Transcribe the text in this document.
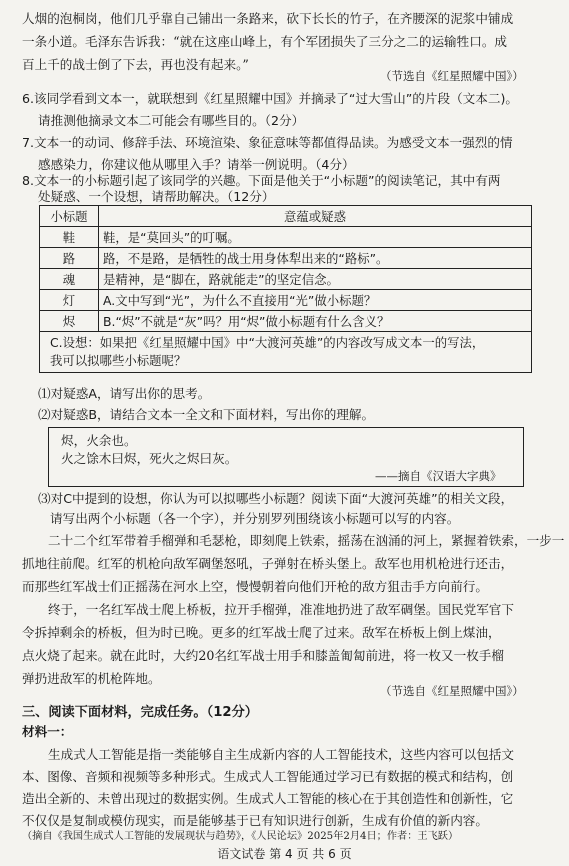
人烟的泡桐岗，他们几乎靠自己铺出一条路来，砍下长长的竹子，在齐腰深的泥浆中铺成
一条小道。毛泽东告诉我：“就在这座山峰上，有个军团损失了三分之二的运输牲口。成
百上千的战士倒了下去，再也没有起来。”
（节选自《红星照耀中国》）
6.该同学看到文本一，就联想到《红星照耀中国》并摘录了“过大雪山”的片段（文本二)。
请推测他摘录文本二可能会有哪些目的。（2分）
7.文本一的动词、修辞手法、环境渲染、象征意味等都值得品读。为感受文本一强烈的情
感感染力，你建议他从哪里入手？请举一例说明。（4分）
8.文本一的小标题引起了该同学的兴趣。下面是他关于“小标题”的阅读笔记，其中有两
处疑惑、一个设想，请帮助解决。（12分）
小标题	意蕴或疑惑
鞋	鞋，是“莫回头”的叮嘱。
路	路，不是路，是牺牲的战士用身体犁出来的“路标”。
魂	是精神，是“脚在，路就能走”的坚定信念。
灯	A.文中写到“光”，为什么不直接用“光”做小标题？
烬	B.“烬”不就是“灰”吗？用“烬”做小标题有什么含义？

C.设想：如果把《红星照耀中国》中“大渡河英雄”的内容改写成文本一的写法，
我可以拟哪些小标题呢？	
⑴对疑惑A，请写出你的思考。
⑵对疑惑B，请结合文本一全文和下面材料，写出你的理解。
烬，火余也。
火之馀木曰烬，死火之烬曰灰。
——摘自《汉语大字典》
⑶对C中提到的设想，你认为可以拟哪些小标题？阅读下面“大渡河英雄”的相关文段，
请写出两个小标题（各一个字），并分别罗列围绕该小标题可以写的内容。
二十二个红军带着手榴弹和毛瑟枪，即刻爬上铁索，摇荡在汹涌的河上，紧握着铁索，一步一
抓地往前爬。红军的机枪向敌军碉堡怒吼，子弹射在桥头堡上。敌军也用机枪进行还击，
而那些红军战士们正摇荡在河水上空，慢慢朝着向他们开枪的敌方狙击手方向前行。
终于，一名红军战士爬上桥板，拉开手榴弹，准准地扔进了敌军碉堡。国民党军官下
令拆掉剩余的桥板，但为时已晚。更多的红军战士爬了过来。敌军在桥板上倒上煤油，
点火烧了起来。就在此时，大约20名红军战士用手和膝盖匍匐前进，将一枚又一枚手榴
弹扔进敌军的机枪阵地。
（节选自《红星照耀中国》）
三、阅读下面材料，完成任务。（12分）
材料一：
生成式人工智能是指一类能够自主生成新内容的人工智能技术，这些内容可以包括文
本、图像、音频和视频等多种形式。生成式人工智能通过学习已有数据的模式和结构，创
造出全新的、未曾出现过的数据实例。生成式人工智能的核心在于其创造性和创新性，它
不仅仅是复制或模仿现实，而是能够基于已有知识进行创新，生成有价值的新内容。
（摘自《我国生成式人工智能的发展现状与趋势》，《人民论坛》2025年2月4日；作者：王飞跃）
语文试卷 第 4 页 共 6 页
